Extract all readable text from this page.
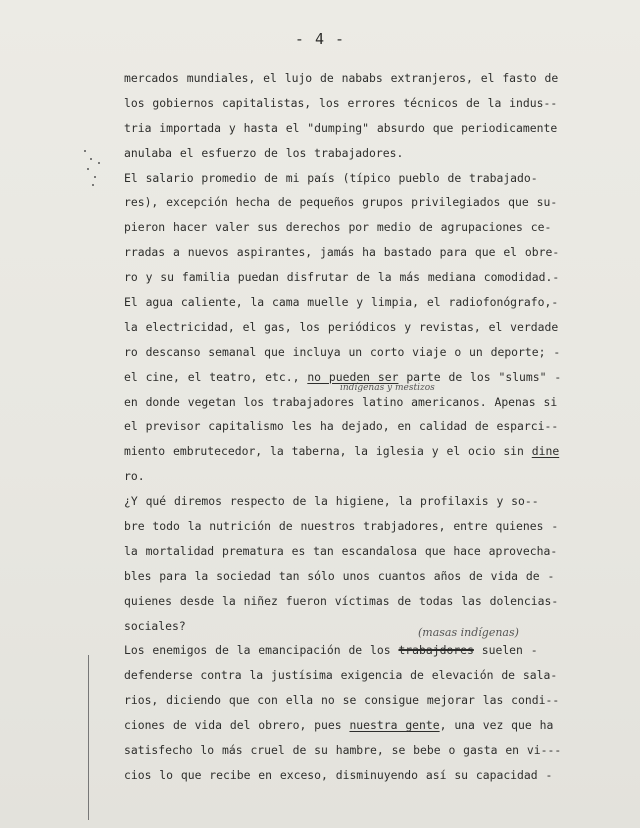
- 4 -
indígenas y mestizos
(masas indígenas)
mercados mundiales, el lujo de nababs extranjeros, el fasto de
los gobiernos capitalistas, los errores técnicos de la indus--
tria importada y hasta el "dumping" absurdo que periodicamente
anulaba el esfuerzo de los trabajadores.
El salario promedio de mi país (típico pueblo de trabajado-
res), excepción hecha de pequeños grupos privilegiados que su-
pieron hacer valer sus derechos por medio de agrupaciones ce-
rradas a nuevos aspirantes, jamás ha bastado para que el obre-
ro y su familia puedan disfrutar de la más mediana comodidad.-
El agua caliente, la cama muelle y limpia, el radiofonógrafo,-
la electricidad, el gas, los periódicos y revistas, el verdade
ro descanso semanal que incluya un corto viaje o un deporte; -
el cine, el teatro, etc., no pueden ser parte de los "slums" -
en donde vegetan los trabajadores latino americanos. Apenas si
el previsor capitalismo les ha dejado, en calidad de esparci--
miento embrutecedor, la taberna, la iglesia y el ocio sin dine
ro.
¿Y qué diremos respecto de la higiene, la profilaxis y so--
bre todo la nutrición de nuestros trabjadores, entre quienes -
la mortalidad prematura es tan escandalosa que hace aprovecha-
bles para la sociedad tan sólo unos cuantos años de vida de -
quienes desde la niñez fueron víctimas de todas las dolencias-
sociales?
Los enemigos de la emancipación de los trabajdores suelen -
defenderse contra la justísima exigencia de elevación de sala-
rios, diciendo que con ella no se consigue mejorar las condi--
ciones de vida del obrero, pues nuestra gente, una vez que ha
satisfecho lo más cruel de su hambre, se bebe o gasta en vi---
cios lo que recibe en exceso, disminuyendo así su capacidad -
